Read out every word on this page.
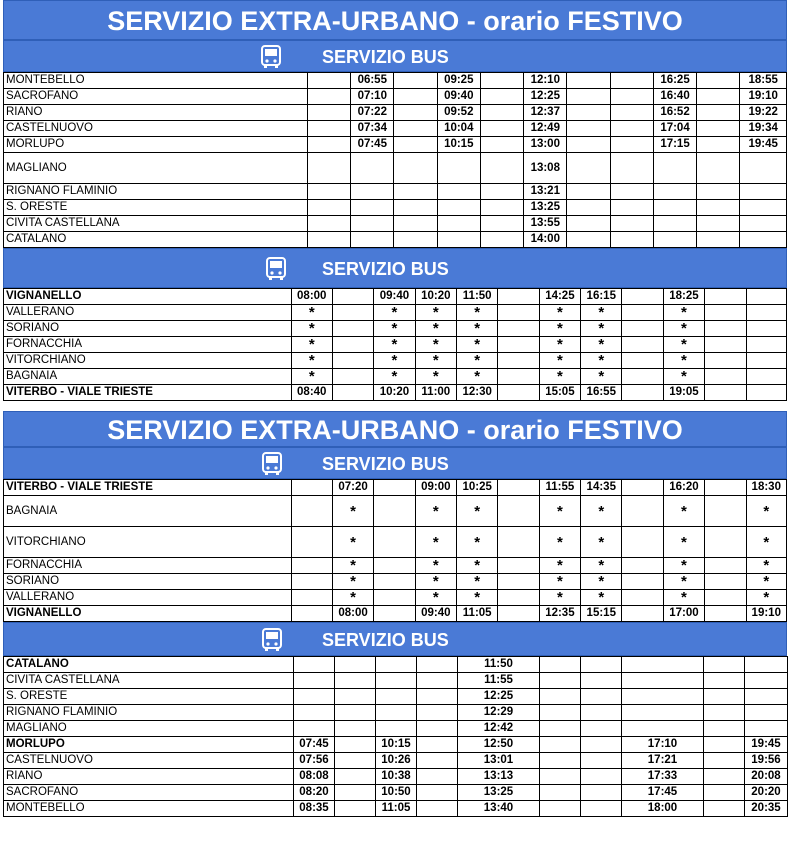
SERVIZIO EXTRA-URBANO - orario FESTIVO
SERVIZIO BUS
MONTEBELLO		06:55		09:25		12:10			16:25		18:55
SACROFANO		07:10		09:40		12:25			16:40		19:10
RIANO		07:22		09:52		12:37			16:52		19:22
CASTELNUOVO		07:34		10:04		12:49			17:04		19:34
MORLUPO		07:45		10:15		13:00			17:15		19:45
MAGLIANO						13:08					
RIGNANO FLAMINIO						13:21					
S. ORESTE						13:25					
CIVITA CASTELLANA						13:55					
CATALANO						14:00					
SERVIZIO BUS
VIGNANELLO	08:00		09:40	10:20	11:50		14:25	16:15		18:25		
VALLERANO	*		*	*	*		*	*		*		
SORIANO	*		*	*	*		*	*		*		
FORNACCHIA	*		*	*	*		*	*		*		
VITORCHIANO	*		*	*	*		*	*		*		
BAGNAIA	*		*	*	*		*	*		*		
VITERBO - VIALE TRIESTE	08:40		10:20	11:00	12:30		15:05	16:55		19:05		
SERVIZIO EXTRA-URBANO - orario FESTIVO
SERVIZIO BUS
VITERBO - VIALE TRIESTE		07:20		09:00	10:25		11:55	14:35		16:20		18:30
BAGNAIA		*		*	*		*	*		*		*
VITORCHIANO		*		*	*		*	*		*		*
FORNACCHIA		*		*	*		*	*		*		*
SORIANO		*		*	*		*	*		*		*
VALLERANO		*		*	*		*	*		*		*
VIGNANELLO		08:00		09:40	11:05		12:35	15:15		17:00		19:10
SERVIZIO BUS
CATALANO					11:50					
CIVITA CASTELLANA					11:55					
S. ORESTE					12:25					
RIGNANO FLAMINIO					12:29					
MAGLIANO					12:42					
MORLUPO	07:45		10:15		12:50			17:10		19:45
CASTELNUOVO	07:56		10:26		13:01			17:21		19:56
RIANO	08:08		10:38		13:13			17:33		20:08
SACROFANO	08:20		10:50		13:25			17:45		20:20
MONTEBELLO	08:35		11:05		13:40			18:00		20:35
